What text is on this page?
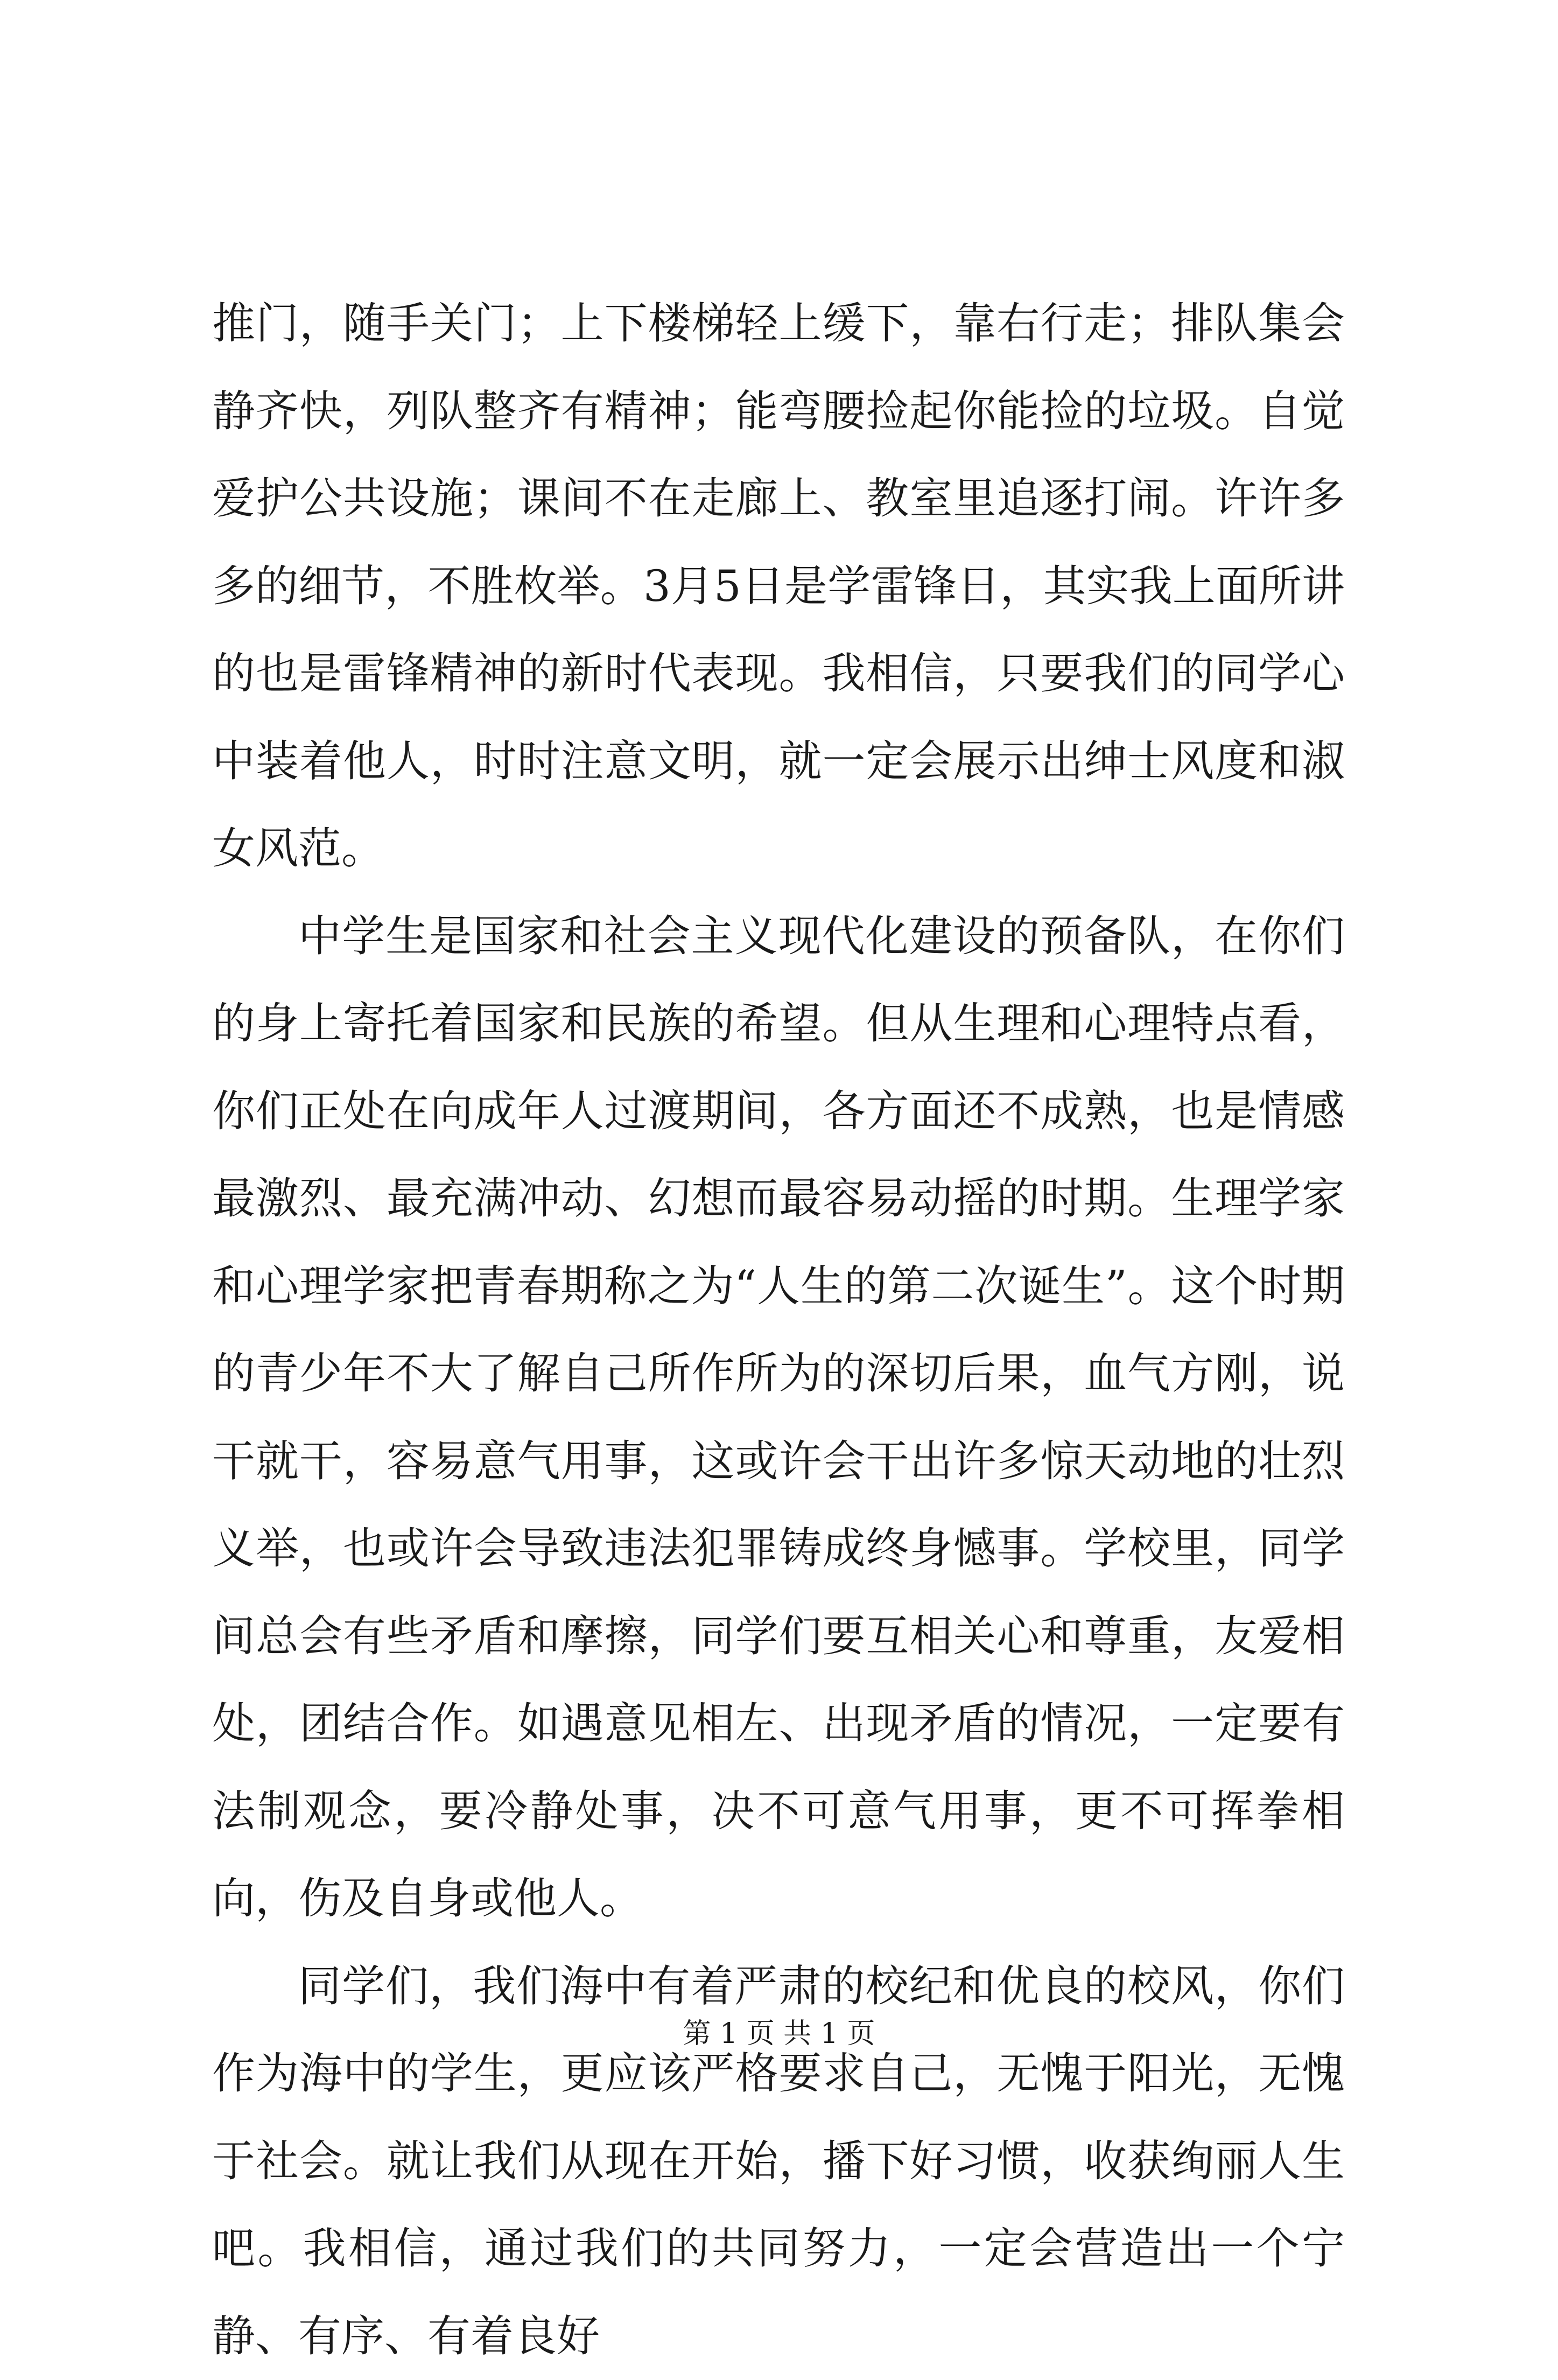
推门，随手关门；上下楼梯轻上缓下，靠右行走；排队集会静齐快，列队整齐有精神；能弯腰捡起你能捡的垃圾。自觉爱护公共设施；课间不在走廊上、教室里追逐打闹。许许多多的细节，不胜枚举。3月5日是学雷锋日，其实我上面所讲的也是雷锋精神的新时代表现。我相信，只要我们的同学心中装着他人，时时注意文明，就一定会展示出绅士风度和淑女风范。

中学生是国家和社会主义现代化建设的预备队，在你们的身上寄托着国家和民族的希望。但从生理和心理特点看，你们正处在向成年人过渡期间，各方面还不成熟，也是情感最激烈、最充满冲动、幻想而最容易动摇的时期。生理学家和心理学家把青春期称之为“人生的第二次诞生”。这个时期的青少年不大了解自己所作所为的深切后果，血气方刚，说干就干，容易意气用事，这或许会干出许多惊天动地的壮烈义举，也或许会导致违法犯罪铸成终身憾事。学校里，同学间总会有些矛盾和摩擦，同学们要互相关心和尊重，友爱相处，团结合作。如遇意见相左、出现矛盾的情况，一定要有法制观念，要冷静处事，决不可意气用事，更不可挥拳相向，伤及自身或他人。

同学们，我们海中有着严肃的校纪和优良的校风，你们作为海中的学生，更应该严格要求自己，无愧于阳光，无愧于社会。就让我们从现在开始，播下好习惯，收获绚丽人生吧。我相信，通过我们的共同努力，一定会营造出一个宁静、有序、有着良好

第 1 页 共 1 页
